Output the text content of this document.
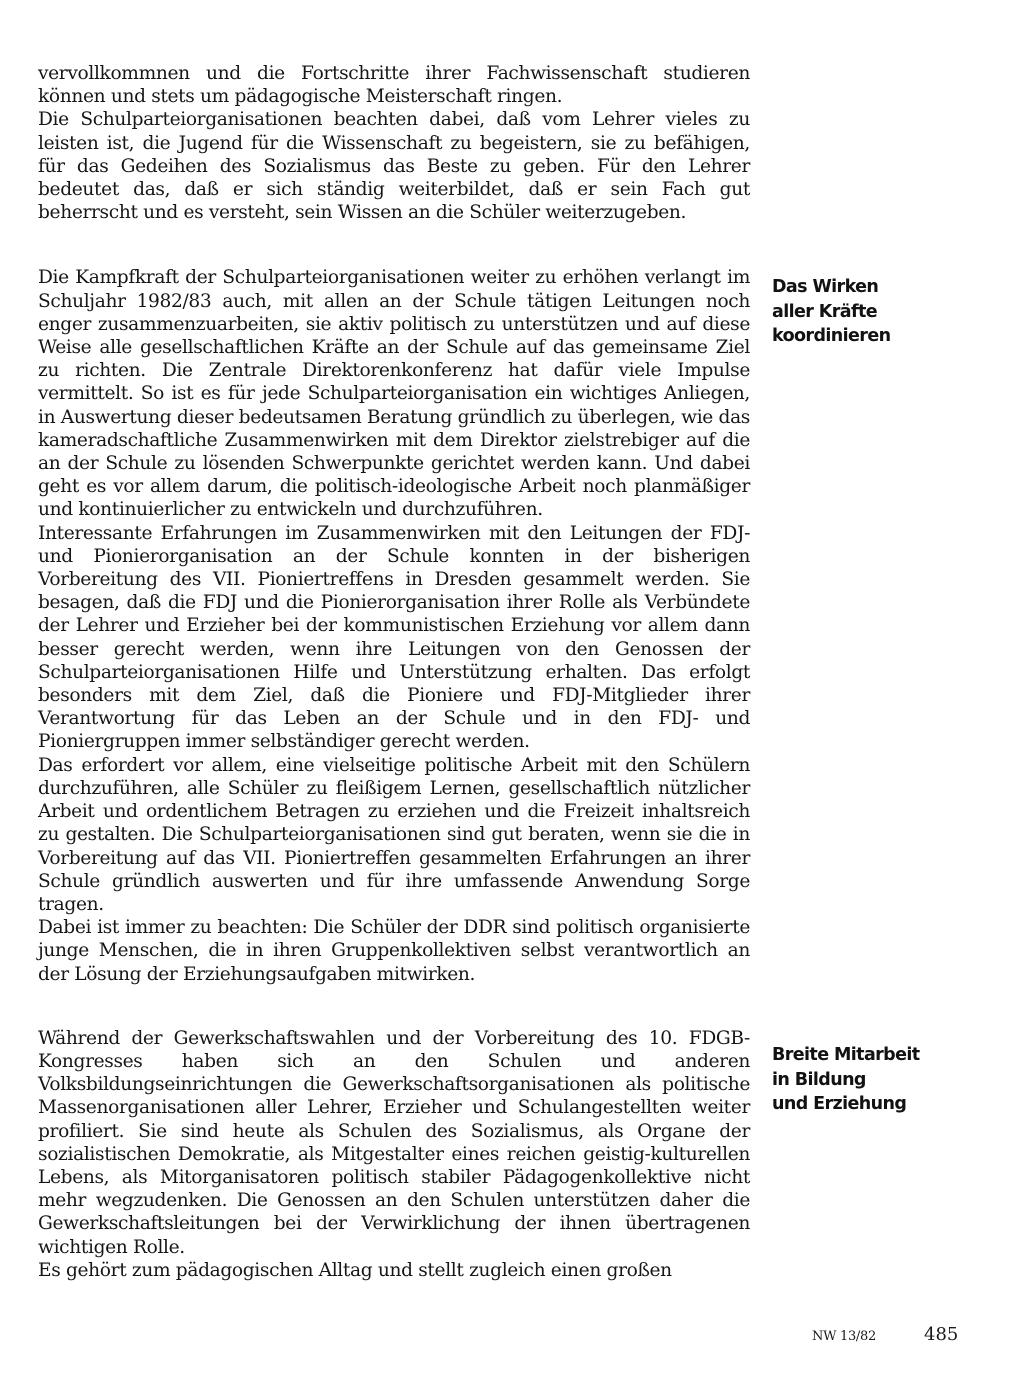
vervollkommnen und die Fortschritte ihrer Fachwissenschaft studieren können und stets um pädagogische Meisterschaft ringen.

Die Schulparteiorganisationen beachten dabei, daß vom Lehrer vieles zu leisten ist, die Jugend für die Wissenschaft zu begeistern, sie zu befähigen, für das Gedeihen des Sozialismus das Beste zu geben. Für den Lehrer bedeutet das, daß er sich ständig weiterbildet, daß er sein Fach gut beherrscht und es versteht, sein Wissen an die Schüler weiterzugeben.

Die Kampfkraft der Schulparteiorganisationen weiter zu erhöhen verlangt im Schuljahr 1982/83 auch, mit allen an der Schule tätigen Leitungen noch enger zusammenzuarbeiten, sie aktiv politisch zu unterstützen und auf diese Weise alle gesellschaftlichen Kräfte an der Schule auf das gemeinsame Ziel zu richten. Die Zentrale Direktorenkonferenz hat dafür viele Impulse vermittelt. So ist es für jede Schulparteiorganisation ein wichtiges Anliegen, in Auswertung dieser bedeutsamen Beratung gründlich zu überlegen, wie das kameradschaftliche Zusammenwirken mit dem Direktor zielstrebiger auf die an der Schule zu lösenden Schwerpunkte gerichtet werden kann. Und dabei geht es vor allem darum, die politisch-ideologische Arbeit noch planmäßiger und kontinuierlicher zu entwickeln und durchzuführen.

Interessante Erfahrungen im Zusammenwirken mit den Leitungen der FDJ- und Pionierorganisation an der Schule konnten in der bisherigen Vorbereitung des VII. Pioniertreffens in Dresden gesammelt werden. Sie besagen, daß die FDJ und die Pionierorganisation ihrer Rolle als Verbündete der Lehrer und Erzieher bei der kommunistischen Erziehung vor allem dann besser gerecht werden, wenn ihre Leitungen von den Genossen der Schulparteiorganisationen Hilfe und Unterstützung erhalten. Das erfolgt besonders mit dem Ziel, daß die Pioniere und FDJ-Mitglieder ihrer Verantwortung für das Leben an der Schule und in den FDJ- und Pioniergruppen immer selbständiger gerecht werden.

Das erfordert vor allem, eine vielseitige politische Arbeit mit den Schülern durchzuführen, alle Schüler zu fleißigem Lernen, gesellschaftlich nützlicher Arbeit und ordentlichem Betragen zu erziehen und die Freizeit inhaltsreich zu gestalten. Die Schulparteiorganisationen sind gut beraten, wenn sie die in Vorbereitung auf das VII. Pioniertreffen gesammelten Erfahrungen an ihrer Schule gründlich auswerten und für ihre umfassende Anwendung Sorge tragen.

Dabei ist immer zu beachten: Die Schüler der DDR sind politisch organisierte junge Menschen, die in ihren Gruppenkollektiven selbst verantwortlich an der Lösung der Erziehungsaufgaben mitwirken.

Während der Gewerkschaftswahlen und der Vorbereitung des 10. FDGB-Kongresses haben sich an den Schulen und anderen Volksbildungseinrichtungen die Gewerkschaftsorganisationen als politische Massenorganisationen aller Lehrer, Erzieher und Schulangestellten weiter profiliert. Sie sind heute als Schulen des Sozialismus, als Organe der sozialistischen Demokratie, als Mitgestalter eines reichen geistig-kulturellen Lebens, als Mitorganisatoren politisch stabiler Pädagogenkollektive nicht mehr wegzudenken. Die Genossen an den Schulen unterstützen daher die Gewerkschaftsleitungen bei der Verwirklichung der ihnen übertragenen wichtigen Rolle.

Es gehört zum pädagogischen Alltag und stellt zugleich einen großen

Das Wirken
aller Kräfte
koordinieren
Breite Mitarbeit
in Bildung
und Erziehung
NW 13/82	485
